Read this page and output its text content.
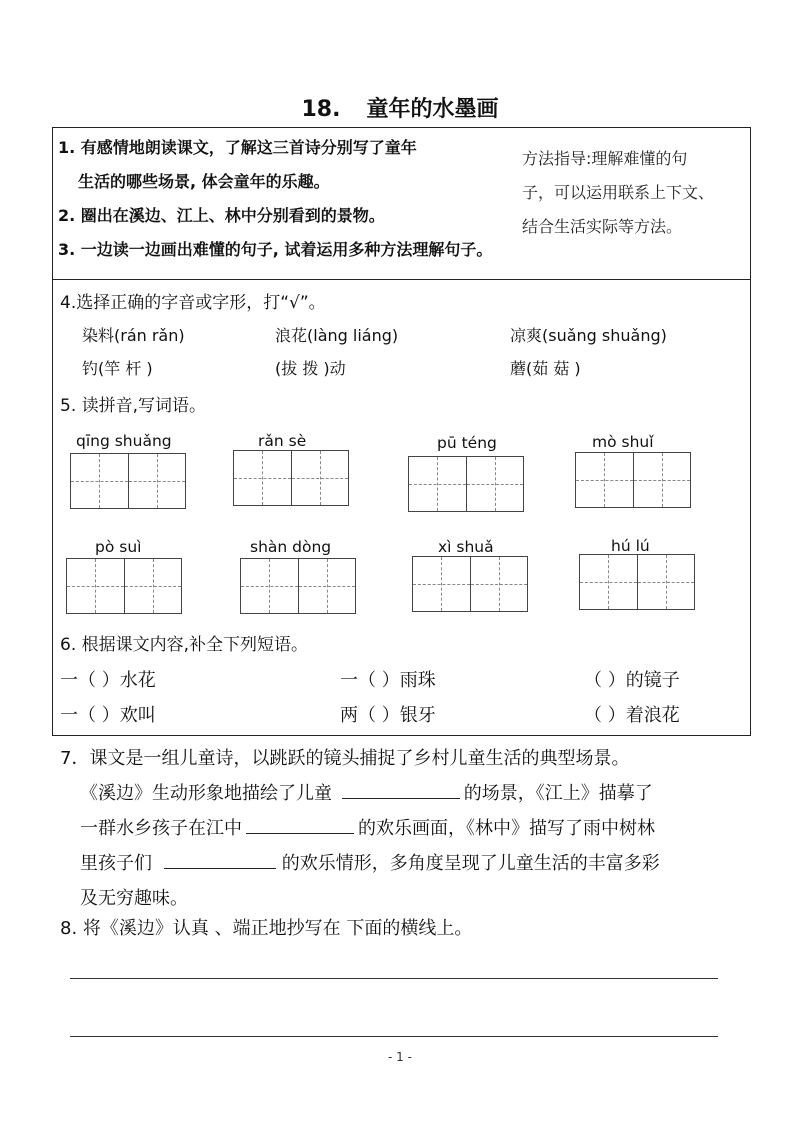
18. 童年的水墨画
1. 有感情地朗读课文，了解这三首诗分别写了童年
生活的哪些场景, 体会童年的乐趣。
2. 圈出在溪边、江上、林中分别看到的景物。
3. 一边读一边画出难懂的句子, 试着运用多种方法理解句子。
方法指导:理解难懂的句
子，可以运用联系上下文、
结合生活实际等方法。
4.选择正确的字音或字形，打“√”。
染料(rán rǎn)	浪花(làng liáng)	凉爽(suǎng shuǎng)
钓(竿 杆 )	(拔 拨 )动	蘑(茹 菇 )
5. 读拼音,写词语。
qīng shuǎng	rǎn sè	pū téng	mò shuǐ
pò suì	shàn dòng	xì shuǎ	hú lú
6. 根据课文内容,补全下列短语。
一（ ）水花	一（ ）雨珠	（ ）的镜子
一（ ）欢叫	两（ ）银牙	（ ）着浪花
7．课文是一组儿童诗，以跳跃的镜头捕捉了乡村儿童生活的典型场景。
《溪边》生动形象地描绘了儿童	的场景，《江上》描摹了
一群水乡孩子在江中	的欢乐画面，《林中》描写了雨中树林
里孩子们	的欢乐情形，多角度呈现了儿童生活的丰富多彩
及无穷趣味。
8. 将《溪边》认真 、端正地抄写在 下面的横线上。
- 1 -
